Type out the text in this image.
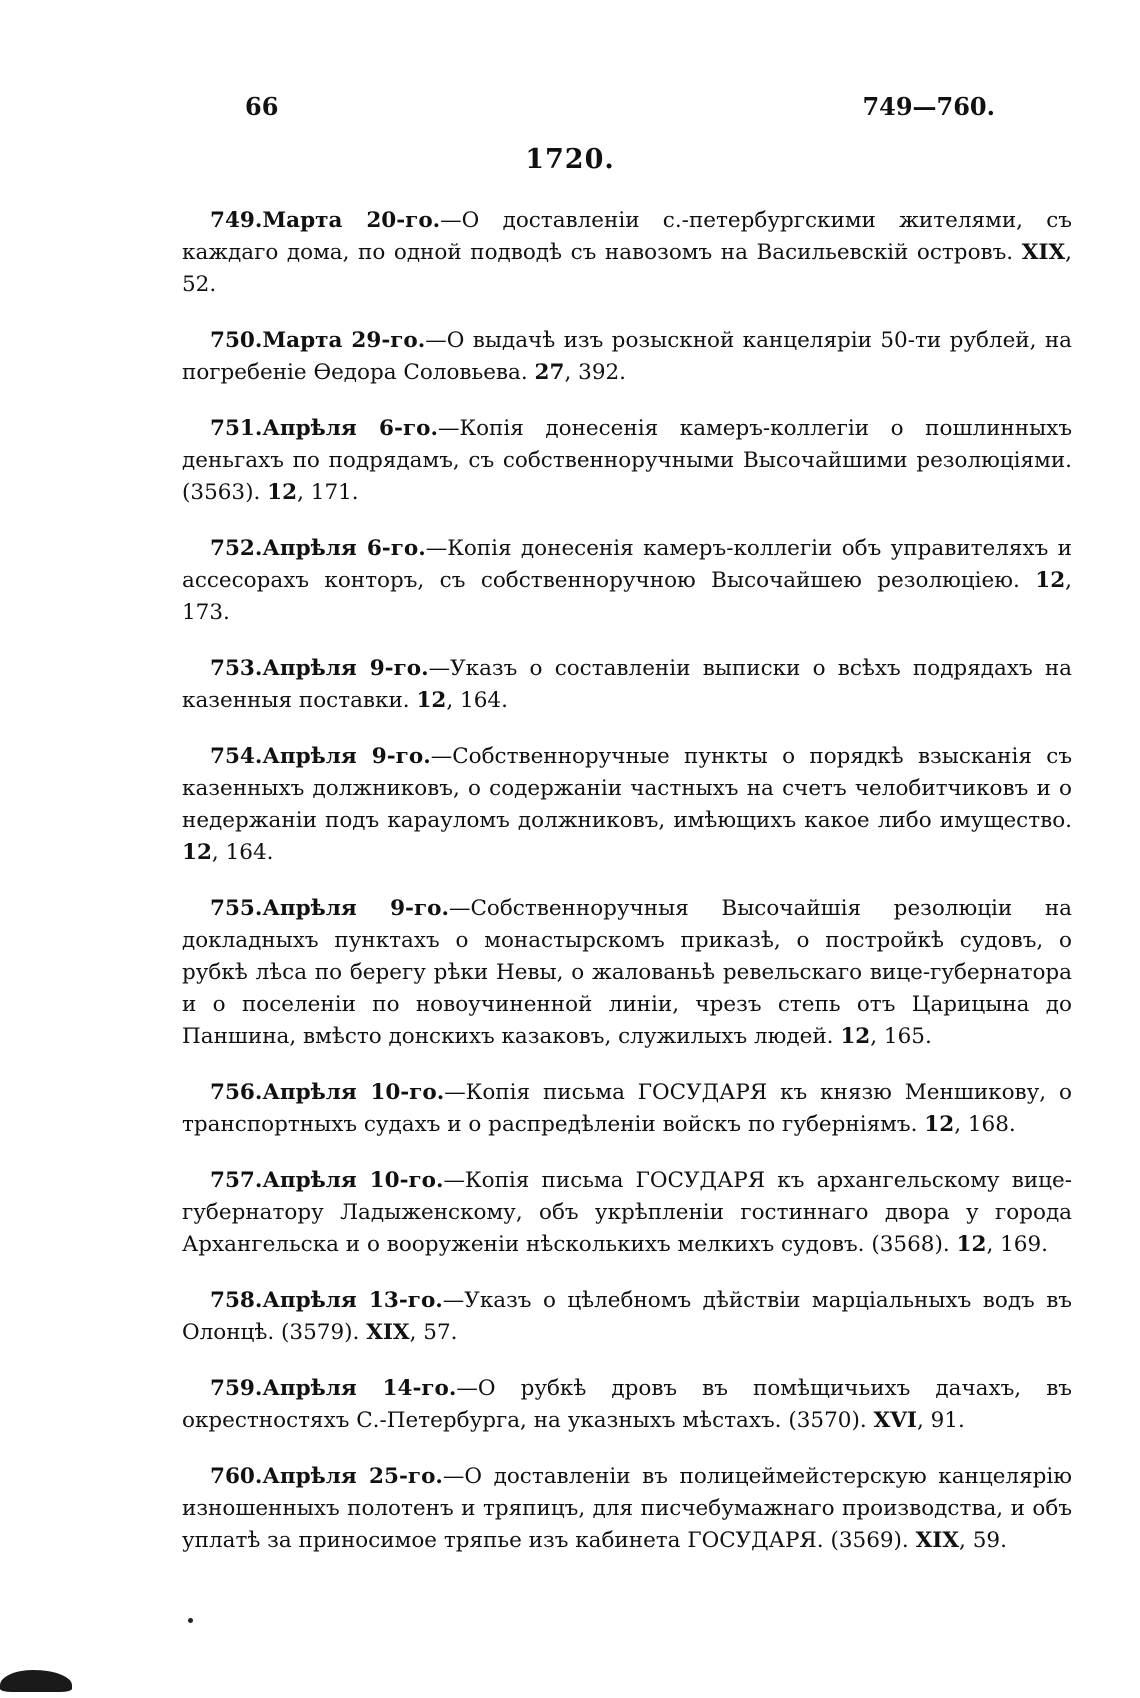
66	749—760.
1720.

749.Марта 20-го.—О доставленіи с.-петербургскими жителями, съ каждаго дома, по одной подводѣ съ навозомъ на Васильевскій островъ. XIX, 52.

750.Марта 29-го.—О выдачѣ изъ розыскной канцеляріи 50-ти рублей, на погребеніе Ѳедора Соловьева. 27, 392.

751.Апрѣля 6-го.—Копія донесенія камеръ-коллегіи о пошлинныхъ деньгахъ по подрядамъ, съ собственноручными Высочайшими резолюціями. (3563). 12, 171.

752.Апрѣля 6-го.—Копія донесенія камеръ-коллегіи объ управителяхъ и ассесорахъ конторъ, съ собственноручною Высочайшею резолюціею. 12, 173.

753.Апрѣля 9-го.—Указъ о составленіи выписки о всѣхъ подрядахъ на казенныя поставки. 12, 164.

754.Апрѣля 9-го.—Собственноручные пункты о порядкѣ взысканія съ казенныхъ должниковъ, о содержаніи частныхъ на счетъ челобитчиковъ и о недержаніи подъ карауломъ должниковъ, имѣющихъ какое либо имущество. 12, 164.

755.Апрѣля 9-го.—Собственноручныя Высочайшія резолюціи на докладныхъ пунктахъ о монастырскомъ приказѣ, о постройкѣ судовъ, о рубкѣ лѣса по берегу рѣки Невы, о жалованьѣ ревельскаго вице-губернатора и о поселеніи по новоучиненной линіи, чрезъ степь отъ Царицына до Паншина, вмѣсто донскихъ казаковъ, служилыхъ людей. 12, 165.

756.Апрѣля 10-го.—Копія письма ГОСУДАРЯ къ князю Меншикову, о транспортныхъ судахъ и о распредѣленіи войскъ по губерніямъ. 12, 168.

757.Апрѣля 10-го.—Копія письма ГОСУДАРЯ къ архангельскому вице-губернатору Ладыженскому, объ укрѣпленіи гостиннаго двора у города Архангельска и о вооруженіи нѣсколькихъ мелкихъ судовъ. (3568). 12, 169.

758.Апрѣля 13-го.—Указъ о цѣлебномъ дѣйствіи марціальныхъ водъ въ Олонцѣ. (3579). XIX, 57.

759.Апрѣля 14-го.—О рубкѣ дровъ въ помѣщичьихъ дачахъ, въ окрестностяхъ С.-Петербурга, на указныхъ мѣстахъ. (3570). XVI, 91.

760.Апрѣля 25-го.—О доставленіи въ полицеймейстерскую канцелярію изношенныхъ полотенъ и тряпицъ, для писчебумажнаго производства, и объ уплатѣ за приносимое тряпье изъ кабинета ГОСУДАРЯ. (3569). XIX, 59.
